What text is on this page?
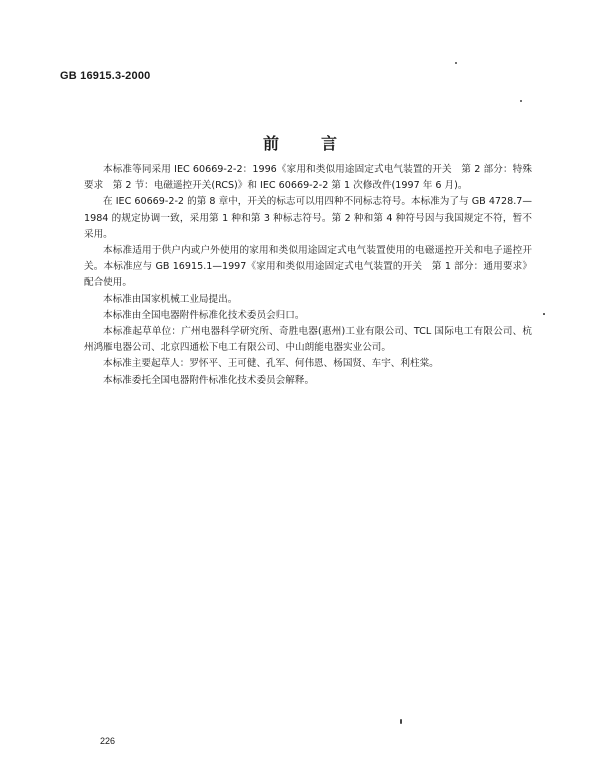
GB 16915.3-2000
前言

本标准等同采用 IEC 60669-2-2：1996《家用和类似用途固定式电气装置的开关　第 2 部分：特殊要求　第 2 节：电磁遥控开关(RCS)》和 IEC 60669-2-2 第 1 次修改件(1997 年 6 月)。

在 IEC 60669-2-2 的第 8 章中，开关的标志可以用四种不同标志符号。本标准为了与 GB 4728.7—1984 的规定协调一致，采用第 1 种和第 3 种标志符号。第 2 种和第 4 种符号因与我国规定不符，暂不采用。

本标准适用于供户内或户外使用的家用和类似用途固定式电气装置使用的电磁遥控开关和电子遥控开关。本标准应与 GB 16915.1—1997《家用和类似用途固定式电气装置的开关　第 1 部分：通用要求》配合使用。

本标准由国家机械工业局提出。

本标准由全国电器附件标准化技术委员会归口。

本标准起草单位：广州电器科学研究所、奇胜电器(惠州)工业有限公司、TCL 国际电工有限公司、杭州鸿雁电器公司、北京四通松下电工有限公司、中山朗能电器实业公司。

本标准主要起草人：罗怀平、王可健、孔军、何伟恩、杨国贤、车宇、利柱棠。

本标准委托全国电器附件标准化技术委员会解释。

226
